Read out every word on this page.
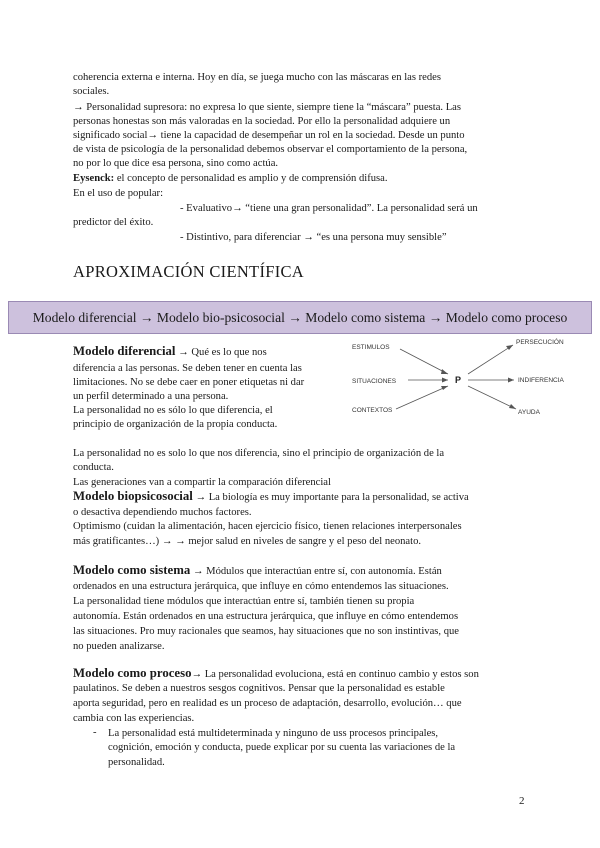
coherencia externa e interna. Hoy en día, se juega mucho con las máscaras en las redes
sociales.
→ Personalidad supresora: no expresa lo que siente, siempre tiene la “máscara” puesta. Las
personas honestas son más valoradas en la sociedad. Por ello la personalidad adquiere un
significado social→ tiene la capacidad de desempeñar un rol en la sociedad. Desde un punto
de vista de psicología de la personalidad debemos observar el comportamiento de la persona,
no por lo que dice esa persona, sino como actúa.
Eysenck: el concepto de personalidad es amplio y de comprensión difusa.
En el uso de popular:
- Evaluativo→ “tiene una gran personalidad”. La personalidad será un
predictor del éxito.
- Distintivo, para diferenciar → “es una persona muy sensible”
APROXIMACIÓN CIENTÍFICA
Modelo diferencial → Modelo bio-psicosocial → Modelo como sistema → Modelo como proceso
Modelo diferencial → Qué es lo que nos
diferencia a las personas. Se deben tener en cuenta las
limitaciones. No se debe caer en poner etiquetas ni dar
un perfil determinado a una persona.
La personalidad no es sólo lo que diferencia, el
principio de organización de la propia conducta.
P
ESTIMULOS
SITUACIONES
CONTEXTOS
PERSECUCIÓN
INDIFERENCIA
AYUDA
La personalidad no es solo lo que nos diferencia, sino el principio de organización de la
conducta.
Las generaciones van a compartir la comparación diferencial
Modelo biopsicosocial → La biología es muy importante para la personalidad, se activa
o desactiva dependiendo muchos factores.
Optimismo (cuidan la alimentación, hacen ejercicio físico, tienen relaciones interpersonales
más gratificantes…) → → mejor salud en niveles de sangre y el peso del neonato.
Modelo como sistema → Módulos que interactúan entre sí, con autonomía. Están
ordenados en una estructura jerárquica, que influye en cómo entendemos las situaciones.
La personalidad tiene módulos que interactúan entre sí, también tienen su propia
autonomía. Están ordenados en una estructura jerárquica, que influye en cómo entendemos
las situaciones. Pro muy racionales que seamos, hay situaciones que no son instintivas, que
no pueden analizarse.
Modelo como proceso→ La personalidad evoluciona, está en continuo cambio y estos son
paulatinos. Se deben a nuestros sesgos cognitivos. Pensar que la personalidad es estable
aporta seguridad, pero en realidad es un proceso de adaptación, desarrollo, evolución… que
cambia con las experiencias.
- La personalidad está multideterminada y ninguno de uss procesos principales,
cognición, emoción y conducta, puede explicar por su cuenta las variaciones de la
personalidad.
2
